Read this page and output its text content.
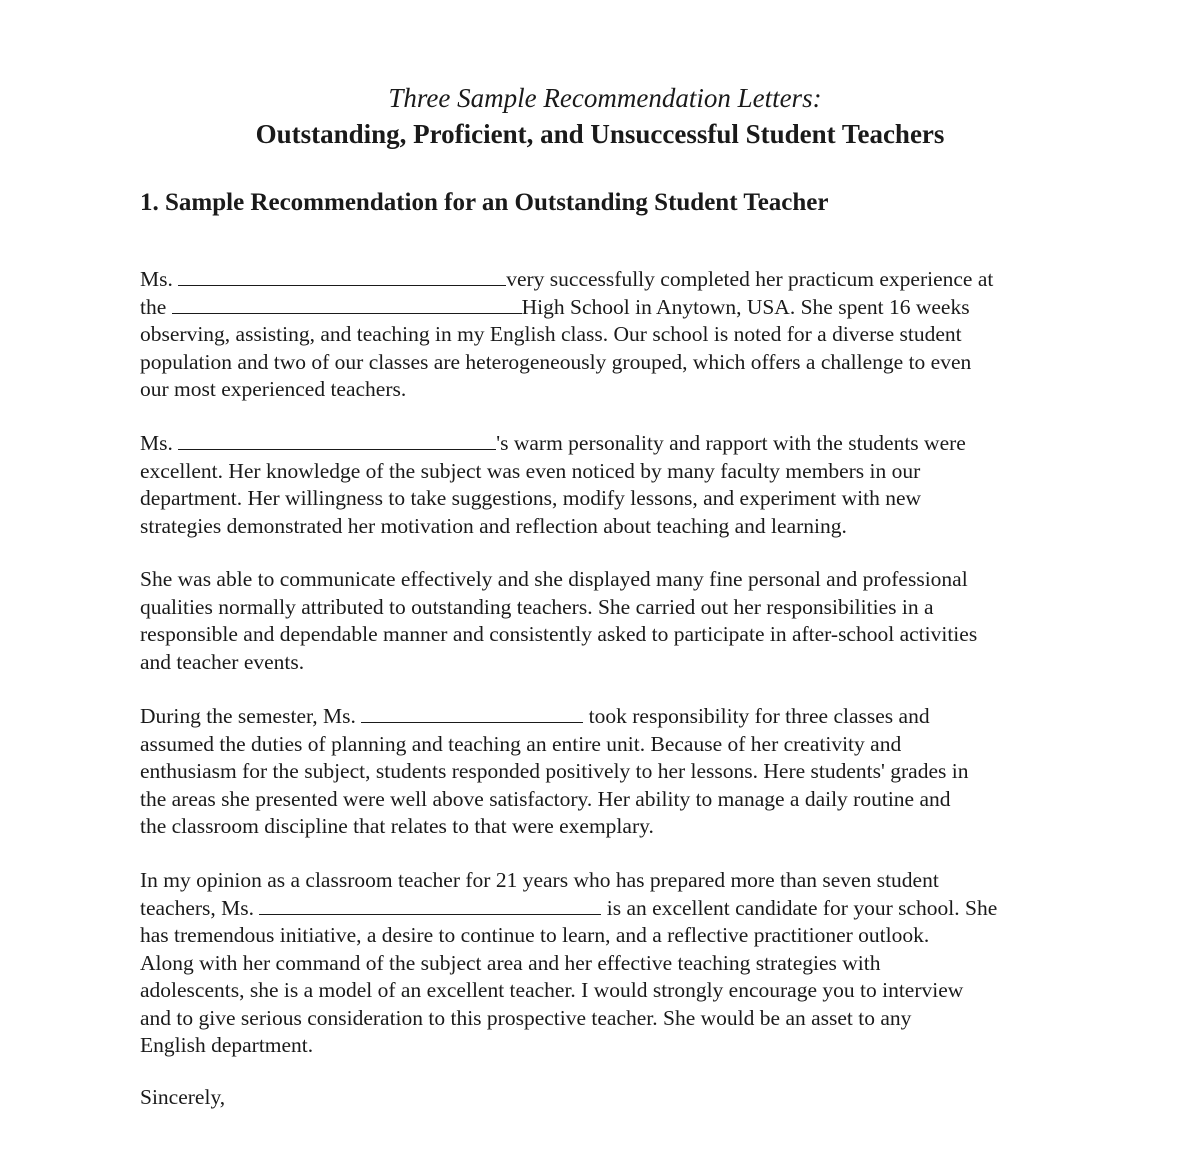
Three Sample Recommendation Letters:
Outstanding, Proficient, and Unsuccessful Student Teachers
1. Sample Recommendation for an Outstanding Student Teacher
Ms.	very successfully completed her practicum experience at
the	High School in Anytown, USA. She spent 16 weeks
observing, assisting, and teaching in my English class. Our school is noted for a diverse student
population and two of our classes are heterogeneously grouped, which offers a challenge to even
our most experienced teachers.
Ms.	's warm personality and rapport with the students were
excellent. Her knowledge of the subject was even noticed by many faculty members in our
department. Her willingness to take suggestions, modify lessons, and experiment with new
strategies demonstrated her motivation and reflection about teaching and learning.
She was able to communicate effectively and she displayed many fine personal and professional
qualities normally attributed to outstanding teachers. She carried out her responsibilities in a
responsible and dependable manner and consistently asked to participate in after-school activities
and teacher events.
During the semester, Ms.	took responsibility for three classes and
assumed the duties of planning and teaching an entire unit. Because of her creativity and
enthusiasm for the subject, students responded positively to her lessons. Here students' grades in
the areas she presented were well above satisfactory. Her ability to manage a daily routine and
the classroom discipline that relates to that were exemplary.
In my opinion as a classroom teacher for 21 years who has prepared more than seven student
teachers, Ms.	is an excellent candidate for your school. She
has tremendous initiative, a desire to continue to learn, and a reflective practitioner outlook.
Along with her command of the subject area and her effective teaching strategies with
adolescents, she is a model of an excellent teacher. I would strongly encourage you to interview
and to give serious consideration to this prospective teacher. She would be an asset to any
English department.
Sincerely,
